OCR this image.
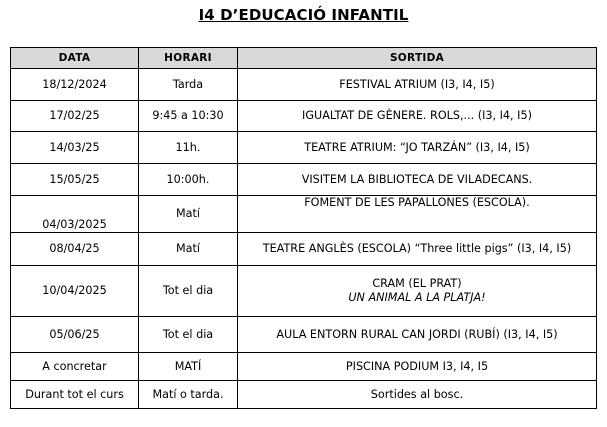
I4 D’EDUCACIÓ INFANTIL
DATA	HORARI	SORTIDA
18/12/2024	Tarda	FESTIVAL ATRIUM (I3, I4, I5)
17/02/25	9:45 a 10:30	IGUALTAT DE GÈNERE. ROLS,... (I3, I4, I5)
14/03/25	11h.	TEATRE ATRIUM: “JO TARZÁN” (I3, I4, I5)
15/05/25	10:00h.	VISITEM LA BIBLIOTECA DE VILADECANS.
04/03/2025	Matí	FOMENT DE LES PAPALLONES (ESCOLA).
08/04/25	Matí	TEATRE ANGLÈS (ESCOLA) “Three little pigs” (I3, I4, I5)
10/04/2025	Tot el dia	CRAM (EL PRAT)
UN ANIMAL A LA PLATJA!

05/06/25	Tot el dia	AULA ENTORN RURAL CAN JORDI (RUBÍ) (I3, I4, I5)
A concretar	MATÍ	PISCINA PODIUM I3, I4, I5
Durant tot el curs	Matí o tarda.	Sortides al bosc.
